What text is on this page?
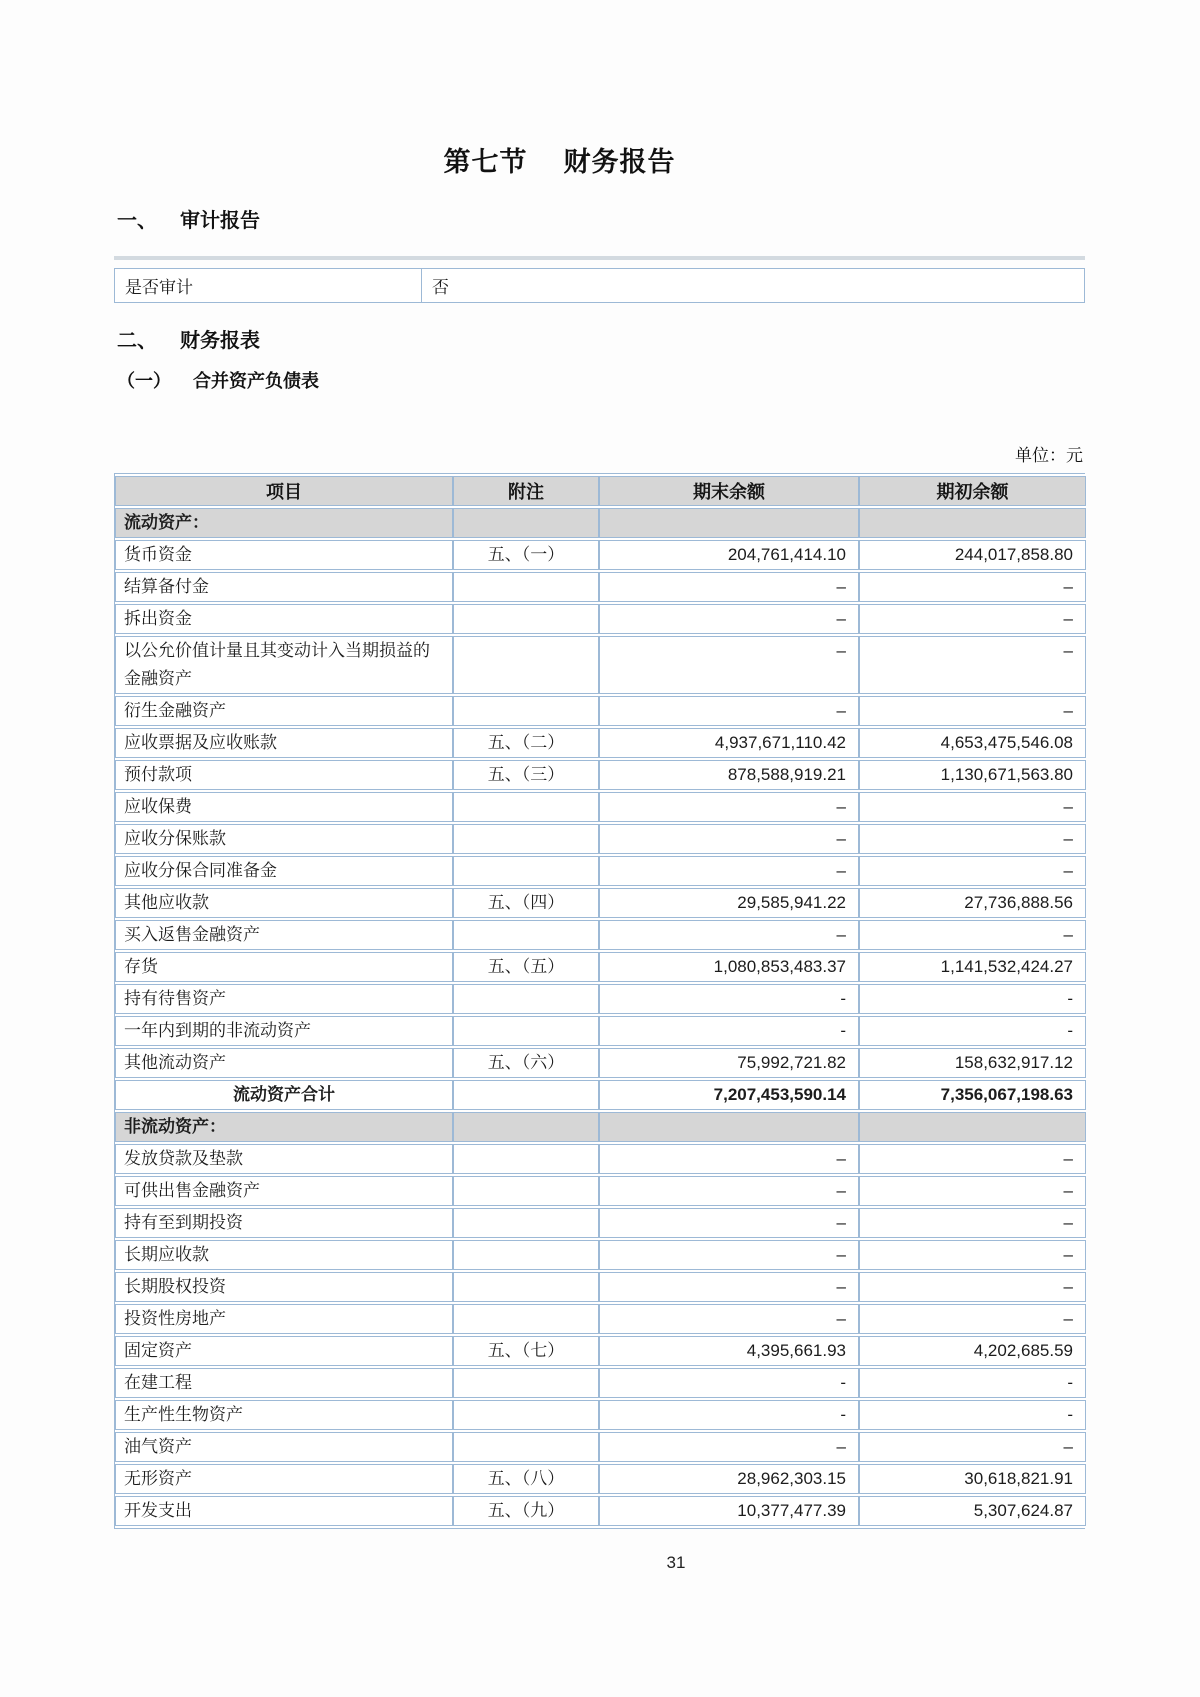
第七节 财务报告
一、 审计报告
是否审计	否
二、 财务报表
（一） 合并资产负债表
单位：元
项目	附注	期末余额	期初余额
流动资产：			
货币资金	五、（一）	204,761,414.10	244,017,858.80
结算备付金		–	–
拆出资金		–	–
以公允价值计量且其变动计入当期损益的金融资产		–	–
衍生金融资产		–	–
应收票据及应收账款	五、（二）	4,937,671,110.42	4,653,475,546.08
预付款项	五、（三）	878,588,919.21	1,130,671,563.80
应收保费		–	–
应收分保账款		–	–
应收分保合同准备金		–	–
其他应收款	五、（四）	29,585,941.22	27,736,888.56
买入返售金融资产		–	–
存货	五、（五）	1,080,853,483.37	1,141,532,424.27
持有待售资产		-	-
一年内到期的非流动资产		-	-
其他流动资产	五、（六）	75,992,721.82	158,632,917.12
流动资产合计		7,207,453,590.14	7,356,067,198.63
非流动资产：			
发放贷款及垫款		–	–
可供出售金融资产		–	–
持有至到期投资		–	–
长期应收款		–	–
长期股权投资		–	–
投资性房地产		–	–
固定资产	五、（七）	4,395,661.93	4,202,685.59
在建工程		-	-
生产性生物资产		-	-
油气资产		–	–
无形资产	五、（八）	28,962,303.15	30,618,821.91
开发支出	五、（九）	10,377,477.39	5,307,624.87
31
